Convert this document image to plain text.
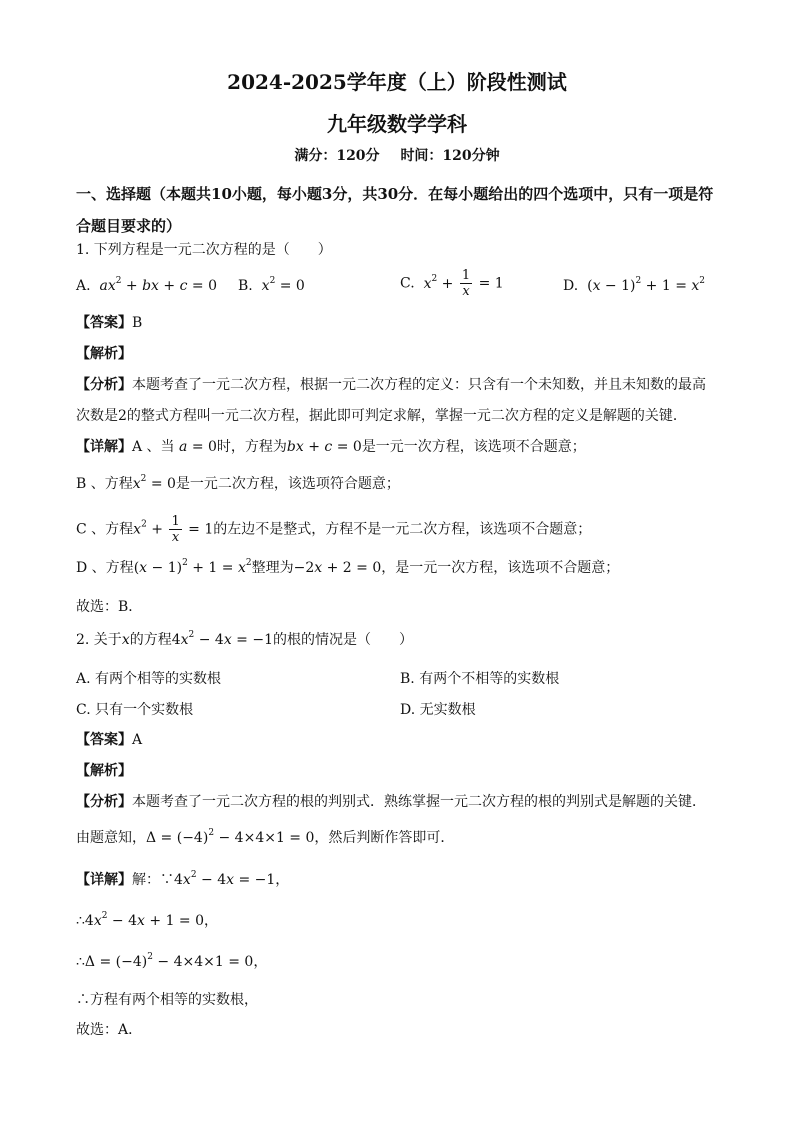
2024-2025学年度（上）阶段性测试
九年级数学学科
满分：120分 时间：120分钟
一、选择题（本题共10小题，每小题3分，共30分．在每小题给出的四个选项中，只有一项是符合题目要求的）
1. 下列方程是一元二次方程的是（　　）
A. $ax^2$ + bx + c = 0 B. $x^2 = 0$	C. $x^2 + \frac{1}{x} = 1$	D. $(x - 1)^2 + 1 = x^2$
【答案】B
【解析】
【分析】本题考查了一元二次方程，根据一元二次方程的定义：只含有一个未知数，并且未知数的最高
次数是2的整式方程叫一元二次方程，据此即可判定求解，掌握一元二次方程的定义是解题的关键．
【详解】A 、当 a = 0时，方程为bx + c = 0是一元一次方程，该选项不合题意；
B 、方程$x^2 = 0$是一元二次方程，该选项符合题意；
C 、方程$x^2 + \frac{1}{x} = 1$的左边不是整式，方程不是一元二次方程，该选项不合题意；
D 、方程$(x - 1)^2 + 1 = x^2$整理为−2x + 2 = 0，是一元一次方程，该选项不合题意；
故选：B．
2. 关于x的方程$4x^2 - 4x = -1$的根的情况是（　　）
A. 有两个相等的实数根	B. 有两个不相等的实数根
C. 只有一个实数根	D. 无实数根
【答案】A
【解析】
【分析】本题考查了一元二次方程的根的判别式．熟练掌握一元二次方程的根的判别式是解题的关键．
由题意知，$\Delta = (-4)^2 - 4\times 4\times 1 = 0$，然后判断作答即可．
【详解】解：$\because 4x^2 - 4x = -1$，
$\therefore 4x^2 - 4x + 1 = 0$，
∴Δ = $(-4)^2 - 4\times 4\times 1 = 0$，
∴方程有两个相等的实数根，
故选：A．
